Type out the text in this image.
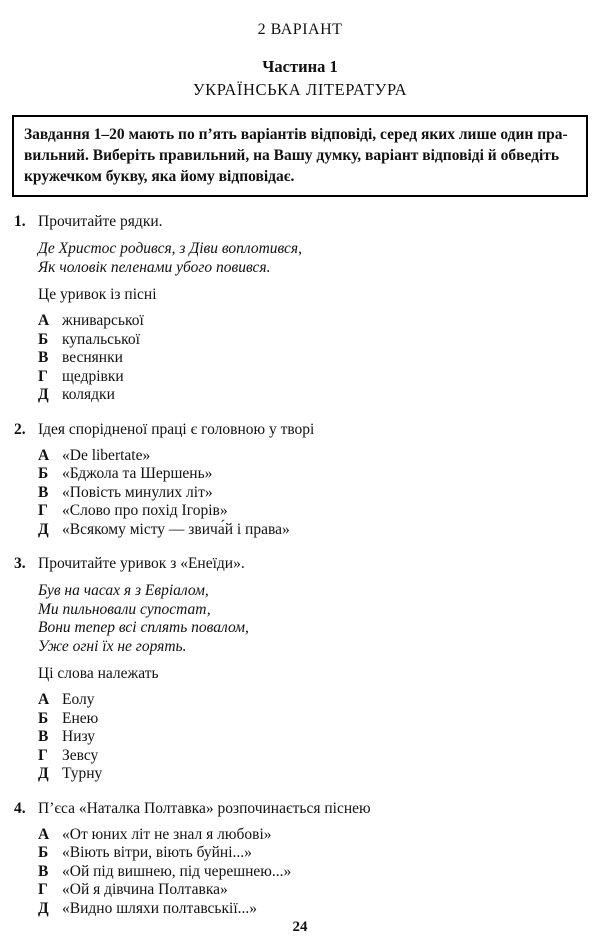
2 ВАРІАНТ
Частина 1
УКРАЇНСЬКА ЛІТЕРАТУРА
Завдання 1–20 мають по п’ять варіантів відповіді, серед яких лише один пра-
вильний. Виберіть правильний, на Вашу думку, варіант відповіді й обведіть
кружечком букву, яка йому відповідає.
1. Прочитайте рядки.
Де Христос родився, з Діви воплотився,
Як чоловік пеленами убого повився.
Це уривок із пісні
А жниварської
Б купальської
В веснянки
Г щедрівки
Д колядки
2. Ідея спорідненої праці є головною у творі
А «De libertate»
Б «Бджола та Шершень»
В «Повість минулих літ»
Г «Слово про похід Ігорів»
Д «Всякому місту — звича́й і права»
3. Прочитайте уривок з «Енеїди».
Був на часах я з Евріалом,
Ми пильновали супостат,
Вони тепер всі сплять повалом,
Уже огні їх не горять.
Ці слова належать
А Еолу
Б Енею
В Низу
Г Зевсу
Д Турну
4. П’єса «Наталка Полтавка» розпочинається піснею
А «От юних літ не знал я любові»
Б «Віють вітри, віють буйні...»
В «Ой під вишнею, під черешнею...»
Г «Ой я дівчина Полтавка»
Д «Видно шляхи полтавськії...»
24
